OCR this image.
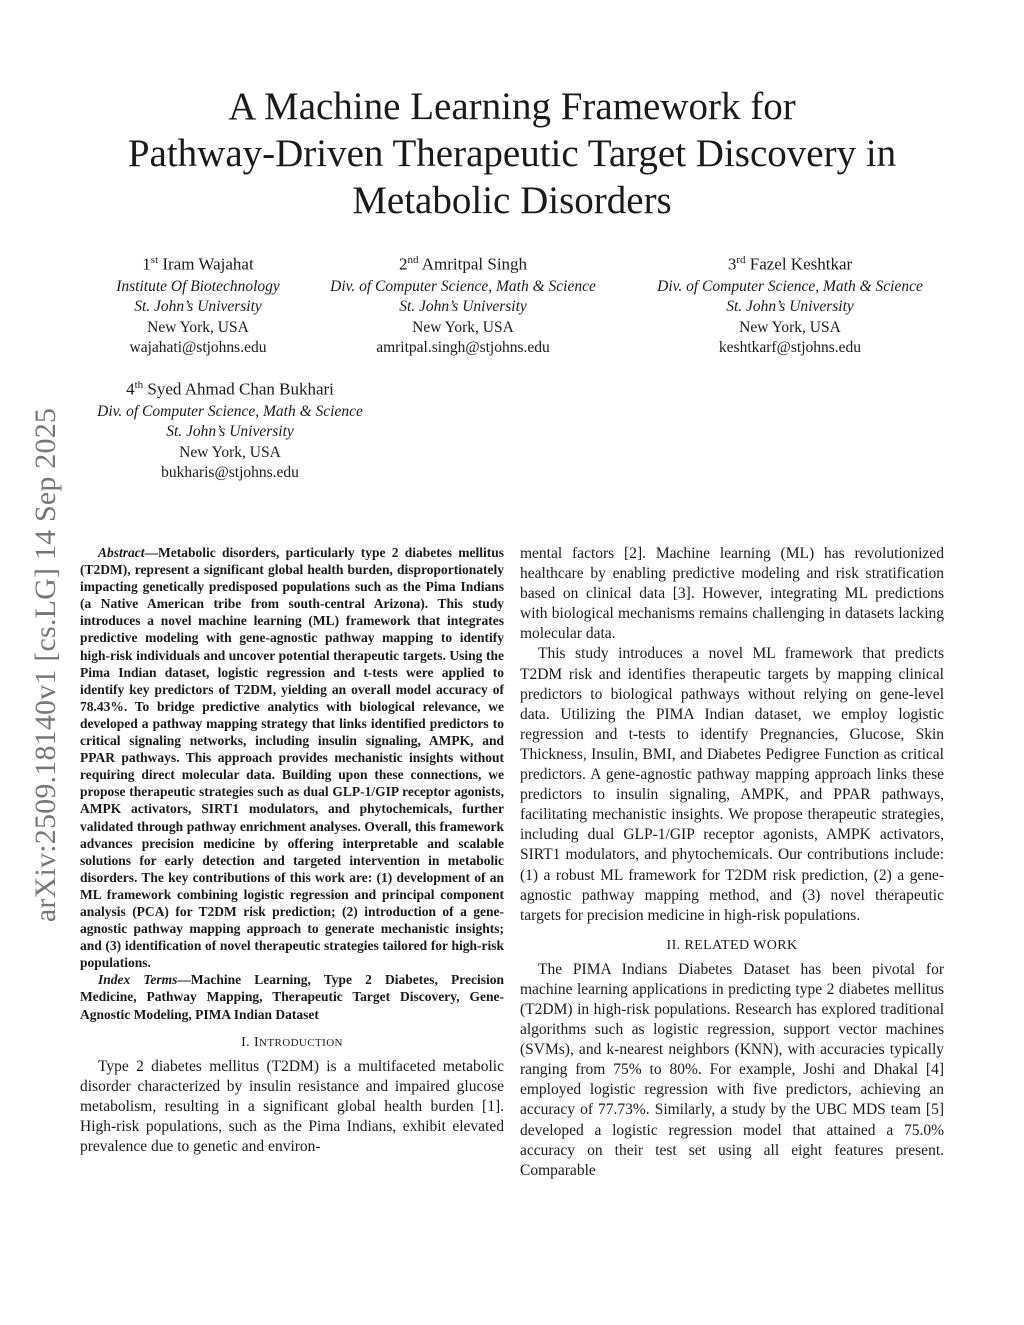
arXiv:2509.18140v1 [cs.LG] 14 Sep 2025
A Machine Learning Framework for
Pathway-Driven Therapeutic Target Discovery in
Metabolic Disorders
1st Iram Wajahat
Institute Of Biotechnology
St. John’s University
New York, USA
wajahati@stjohns.edu
2nd Amritpal Singh
Div. of Computer Science, Math & Science
St. John’s University
New York, USA
amritpal.singh@stjohns.edu
3rd Fazel Keshtkar
Div. of Computer Science, Math & Science
St. John’s University
New York, USA
keshtkarf@stjohns.edu
4th Syed Ahmad Chan Bukhari
Div. of Computer Science, Math & Science
St. John’s University
New York, USA
bukharis@stjohns.edu

Abstract—Metabolic disorders, particularly type 2 diabetes mellitus (T2DM), represent a significant global health burden, disproportionately impacting genetically predisposed populations such as the Pima Indians (a Native American tribe from south-central Arizona). This study introduces a novel machine learning (ML) framework that integrates predictive modeling with gene-agnostic pathway mapping to identify high-risk individuals and uncover potential therapeutic targets. Using the Pima Indian dataset, logistic regression and t-tests were applied to identify key predictors of T2DM, yielding an overall model accuracy of 78.43%. To bridge predictive analytics with biological relevance, we developed a pathway mapping strategy that links identified predictors to critical signaling networks, including insulin signaling, AMPK, and PPAR pathways. This approach provides mechanistic insights without requiring direct molecular data. Building upon these connections, we propose therapeutic strategies such as dual GLP-1/GIP receptor agonists, AMPK activators, SIRT1 modulators, and phytochemicals, further validated through pathway enrichment analyses. Overall, this framework advances precision medicine by offering interpretable and scalable solutions for early detection and targeted intervention in metabolic disorders. The key contributions of this work are: (1) development of an ML framework combining logistic regression and principal component analysis (PCA) for T2DM risk prediction; (2) introduction of a gene-agnostic pathway mapping approach to generate mechanistic insights; and (3) identification of novel therapeutic strategies tailored for high-risk populations.

Index Terms—Machine Learning, Type 2 Diabetes, Precision Medicine, Pathway Mapping, Therapeutic Target Discovery, Gene-Agnostic Modeling, PIMA Indian Dataset

I. INTRODUCTION

Type 2 diabetes mellitus (T2DM) is a multifaceted metabolic disorder characterized by insulin resistance and impaired glucose metabolism, resulting in a significant global health burden [1]. High-risk populations, such as the Pima Indians, exhibit elevated prevalence due to genetic and environ-

mental factors [2]. Machine learning (ML) has revolutionized healthcare by enabling predictive modeling and risk stratification based on clinical data [3]. However, integrating ML predictions with biological mechanisms remains challenging in datasets lacking molecular data.

This study introduces a novel ML framework that predicts T2DM risk and identifies therapeutic targets by mapping clinical predictors to biological pathways without relying on gene-level data. Utilizing the PIMA Indian dataset, we employ logistic regression and t-tests to identify Pregnancies, Glucose, Skin Thickness, Insulin, BMI, and Diabetes Pedigree Function as critical predictors. A gene-agnostic pathway mapping approach links these predictors to insulin signaling, AMPK, and PPAR pathways, facilitating mechanistic insights. We propose therapeutic strategies, including dual GLP-1/GIP receptor agonists, AMPK activators, SIRT1 modulators, and phytochemicals. Our contributions include: (1) a robust ML framework for T2DM risk prediction, (2) a gene-agnostic pathway mapping method, and (3) novel therapeutic targets for precision medicine in high-risk populations.

II. RELATED WORK

The PIMA Indians Diabetes Dataset has been pivotal for machine learning applications in predicting type 2 diabetes mellitus (T2DM) in high-risk populations. Research has explored traditional algorithms such as logistic regression, support vector machines (SVMs), and k-nearest neighbors (KNN), with accuracies typically ranging from 75% to 80%. For example, Joshi and Dhakal [4] employed logistic regression with five predictors, achieving an accuracy of 77.73%. Similarly, a study by the UBC MDS team [5] developed a logistic regression model that attained a 75.0% accuracy on their test set using all eight features present. Comparable
